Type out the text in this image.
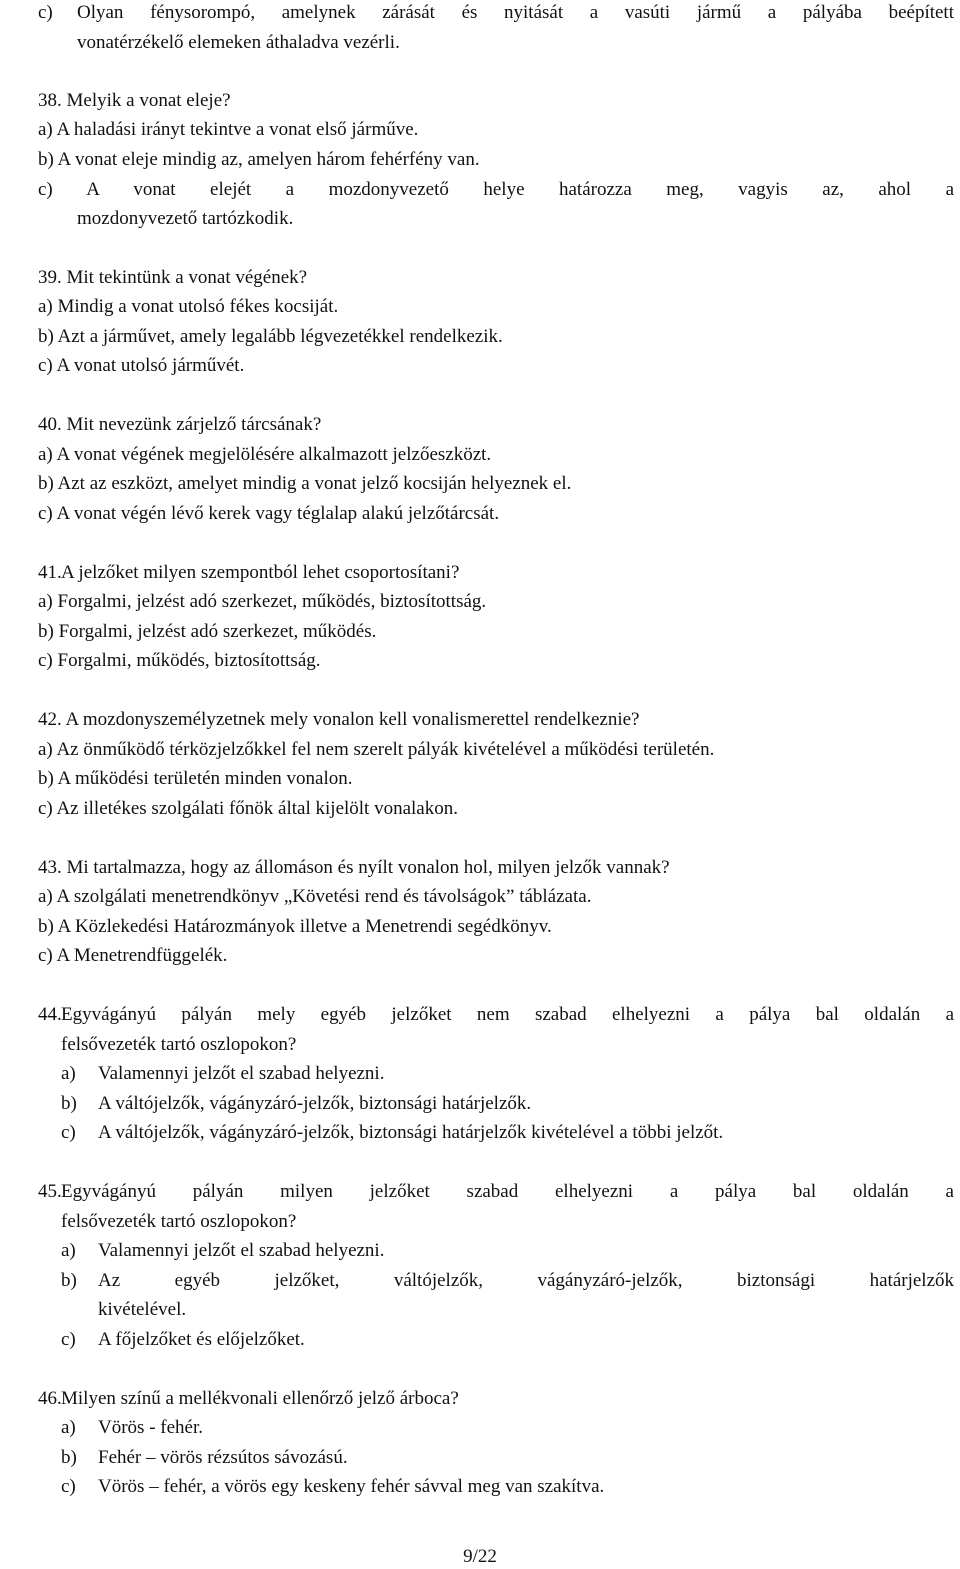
c) Olyan fénysorompó, amelynek zárását és nyitását a vasúti jármű a pályába beépített
vonatérzékelő elemeken áthaladva vezérli.
38. Melyik a vonat eleje?
a) A haladási irányt tekintve a vonat első járműve.
b) A vonat eleje mindig az, amelyen három fehérfény van.
c) A vonat elejét a mozdonyvezető helye határozza meg, vagyis az, ahol a
mozdonyvezető tartózkodik.
39. Mit tekintünk a vonat végének?
a) Mindig a vonat utolsó fékes kocsiját.
b) Azt a járművet, amely legalább légvezetékkel rendelkezik.
c) A vonat utolsó járművét.
40. Mit nevezünk zárjelző tárcsának?
a) A vonat végének megjelölésére alkalmazott jelzőeszközt.
b) Azt az eszközt, amelyet mindig a vonat jelző kocsiján helyeznek el.
c) A vonat végén lévő kerek vagy téglalap alakú jelzőtárcsát.
41. A jelzőket milyen szempontból lehet csoportosítani?
a) Forgalmi, jelzést adó szerkezet, működés, biztosítottság.
b) Forgalmi, jelzést adó szerkezet, működés.
c) Forgalmi, működés, biztosítottság.
42. A mozdonyszemélyzetnek mely vonalon kell vonalismerettel rendelkeznie?
a) Az önműködő térközjelzőkkel fel nem szerelt pályák kivételével a működési területén.
b) A működési területén minden vonalon.
c) Az illetékes szolgálati főnök által kijelölt vonalakon.
43. Mi tartalmazza, hogy az állomáson és nyílt vonalon hol, milyen jelzők vannak?
a) A szolgálati menetrendkönyv „Követési rend és távolságok” táblázata.
b) A Közlekedési Határozmányok illetve a Menetrendi segédkönyv.
c) A Menetrendfüggelék.
44. Egyvágányú pályán mely egyéb jelzőket nem szabad elhelyezni a pálya bal oldalán a
felsővezeték tartó oszlopokon?
a) Valamennyi jelzőt el szabad helyezni.
b) A váltójelzők, vágányzáró-jelzők, biztonsági határjelzők.
c) A váltójelzők, vágányzáró-jelzők, biztonsági határjelzők kivételével a többi jelzőt.
45. Egyvágányú pályán milyen jelzőket szabad elhelyezni a pálya bal oldalán a
felsővezeték tartó oszlopokon?
a) Valamennyi jelzőt el szabad helyezni.
b) Az egyéb jelzőket, váltójelzők, vágányzáró-jelzők, biztonsági határjelzők
kivételével.
c) A főjelzőket és előjelzőket.
46. Milyen színű a mellékvonali ellenőrző jelző árboca?
a) Vörös - fehér.
b) Fehér – vörös rézsútos sávozású.
c) Vörös – fehér, a vörös egy keskeny fehér sávval meg van szakítva.
9/22
